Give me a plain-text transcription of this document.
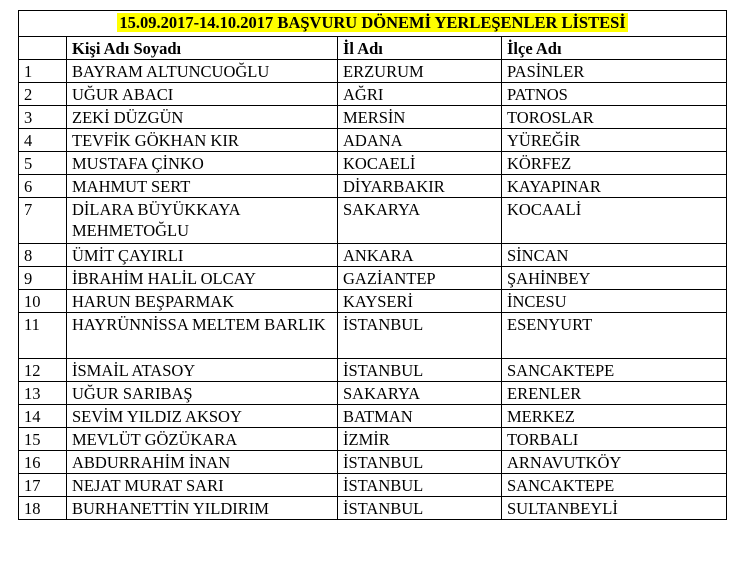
15.09.2017-14.10.2017 BAŞVURU DÖNEMİ YERLEŞENLER LİSTESİ			
	Kişi Adı Soyadı	İl Adı	İlçe Adı
1	BAYRAM ALTUNCUOĞLU	ERZURUM	PASİNLER
2	UĞUR ABACI	AĞRI	PATNOS
3	ZEKİ DÜZGÜN	MERSİN	TOROSLAR
4	TEVFİK GÖKHAN KIR	ADANA	YÜREĞİR
5	MUSTAFA ÇİNKO	KOCAELİ	KÖRFEZ
6	MAHMUT SERT	DİYARBAKIR	KAYAPINAR
7	DİLARA BÜYÜKKAYA MEHMETOĞLU	SAKARYA	KOCAALİ
8	ÜMİT ÇAYIRLI	ANKARA	SİNCAN
9	İBRAHİM HALİL OLCAY	GAZİANTEP	ŞAHİNBEY
10	HARUN BEŞPARMAK	KAYSERİ	İNCESU
11	HAYRÜNNİSSA MELTEM BARLIK	İSTANBUL	ESENYURT
12	İSMAİL ATASOY	İSTANBUL	SANCAKTEPE
13	UĞUR SARIBAŞ	SAKARYA	ERENLER
14	SEVİM YILDIZ AKSOY	BATMAN	MERKEZ
15	MEVLÜT GÖZÜKARA	İZMİR	TORBALI
16	ABDURRAHİM İNAN	İSTANBUL	ARNAVUTKÖY
17	NEJAT MURAT SARI	İSTANBUL	SANCAKTEPE
18	BURHANETTİN YILDIRIM	İSTANBUL	SULTANBEYLİ
